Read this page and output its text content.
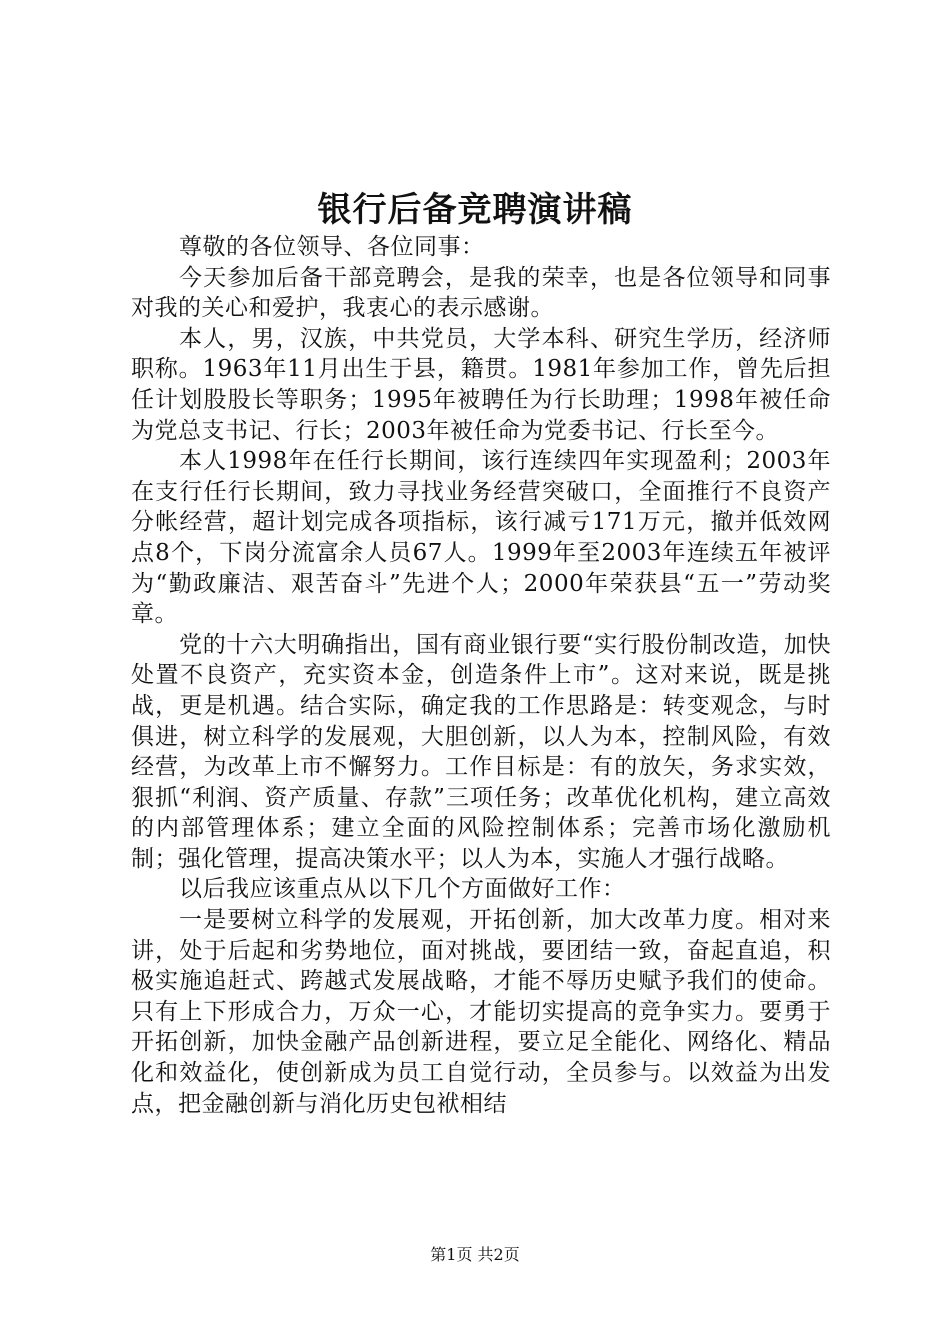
银行后备竞聘演讲稿

尊敬的各位领导、各位同事：

今天参加后备干部竞聘会，是我的荣幸，也是各位领导和同事对我的关心和爱护，我衷心的表示感谢。

本人，男，汉族，中共党员，大学本科、研究生学历，经济师职称。1963年11月出生于县，籍贯。1981年参加工作，曾先后担任计划股股长等职务；1995年被聘任为行长助理；1998年被任命为党总支书记、行长；2003年被任命为党委书记、行长至今。

本人1998年在任行长期间，该行连续四年实现盈利；2003年在支行任行长期间，致力寻找业务经营突破口，全面推行不良资产分帐经营，超计划完成各项指标，该行减亏171万元，撤并低效网点8个，下岗分流富余人员67人。1999年至2003年连续五年被评为“勤政廉洁、艰苦奋斗”先进个人；2000年荣获县“五一”劳动奖章。

党的十六大明确指出，国有商业银行要“实行股份制改造，加快处置不良资产，充实资本金，创造条件上市”。这对来说，既是挑战，更是机遇。结合实际，确定我的工作思路是：转变观念，与时俱进，树立科学的发展观，大胆创新，以人为本，控制风险，有效经营，为改革上市不懈努力。工作目标是：有的放矢，务求实效，狠抓“利润、资产质量、存款”三项任务；改革优化机构，建立高效的内部管理体系；建立全面的风险控制体系；完善市场化激励机制；强化管理，提高决策水平；以人为本，实施人才强行战略。

以后我应该重点从以下几个方面做好工作：

一是要树立科学的发展观，开拓创新，加大改革力度。相对来讲，处于后起和劣势地位，面对挑战，要团结一致，奋起直追，积极实施追赶式、跨越式发展战略，才能不辱历史赋予我们的使命。只有上下形成合力，万众一心，才能切实提高的竞争实力。要勇于开拓创新，加快金融产品创新进程，要立足全能化、网络化、精品化和效益化，使创新成为员工自觉行动，全员参与。以效益为出发点，把金融创新与消化历史包袱相结

第1页 共2页
